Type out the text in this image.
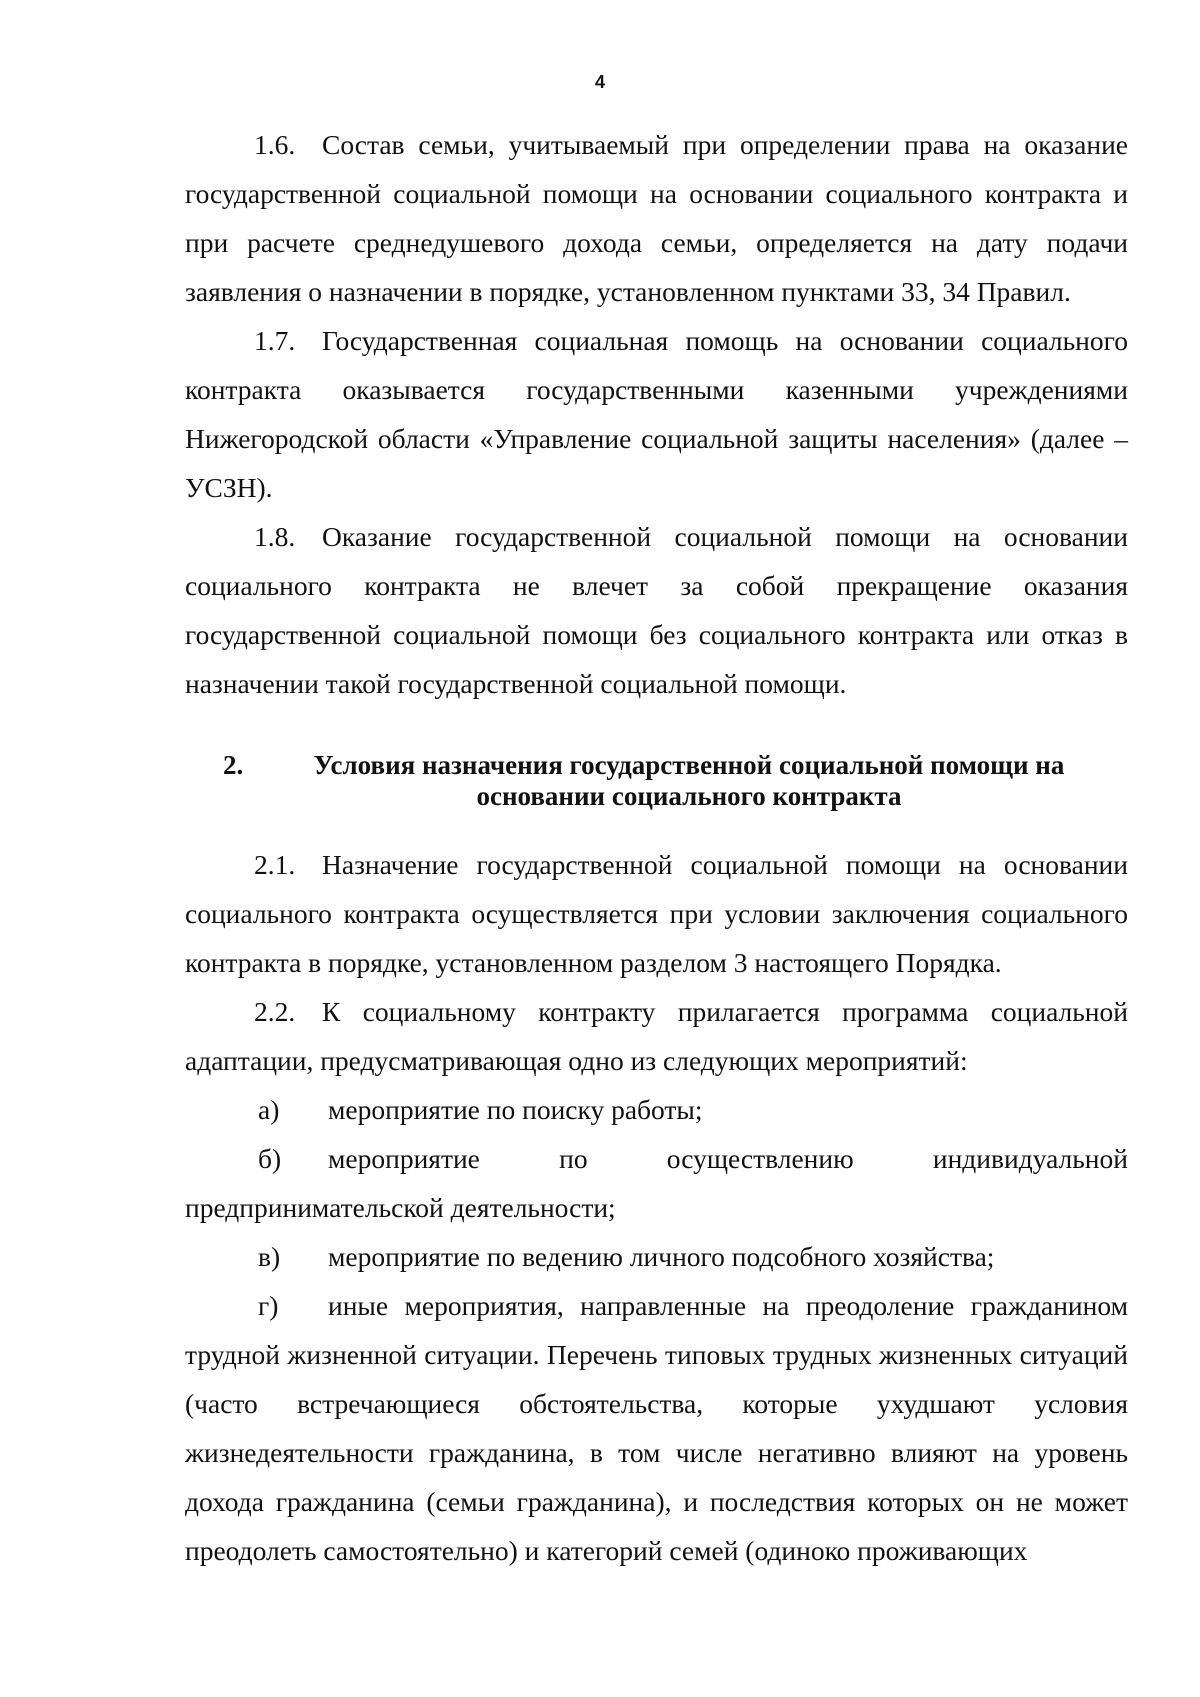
4

1.6. Состав семьи, учитываемый при определении права на оказание государственной социальной помощи на основании социального контракта и при расчете среднедушевого дохода семьи, определяется на дату подачи заявления о назначении в порядке, установленном пунктами 33, 34 Правил.

1.7. Государственная социальная помощь на основании социального контракта оказывается государственными казенными учреждениями Нижегородской области «Управление социальной защиты населения» (далее – УСЗН).

1.8. Оказание государственной социальной помощи на основании социального контракта не влечет за собой прекращение оказания государственной социальной помощи без социального контракта или отказ в назначении такой государственной социальной помощи.

2.	Условия назначения государственной социальной помощи на основании социального контракта

2.1. Назначение государственной социальной помощи на основании социального контракта осуществляется при условии заключения социального контракта в порядке, установленном разделом 3 настоящего Порядка.

2.2. К социальному контракту прилагается программа социальной адаптации, предусматривающая одно из следующих мероприятий:

а) мероприятие по поиску работы;

б) мероприятие по осуществлению индивидуальной
предпринимательской деятельности;

в) мероприятие по ведению личного подсобного хозяйства;

г) иные мероприятия, направленные на преодоление гражданином трудной жизненной ситуации. Перечень типовых трудных жизненных ситуаций (часто встречающиеся обстоятельства, которые ухудшают условия жизнедеятельности гражданина, в том числе негативно влияют на уровень дохода гражданина (семьи гражданина), и последствия которых он не может преодолеть самостоятельно) и категорий семей (одиноко проживающих
